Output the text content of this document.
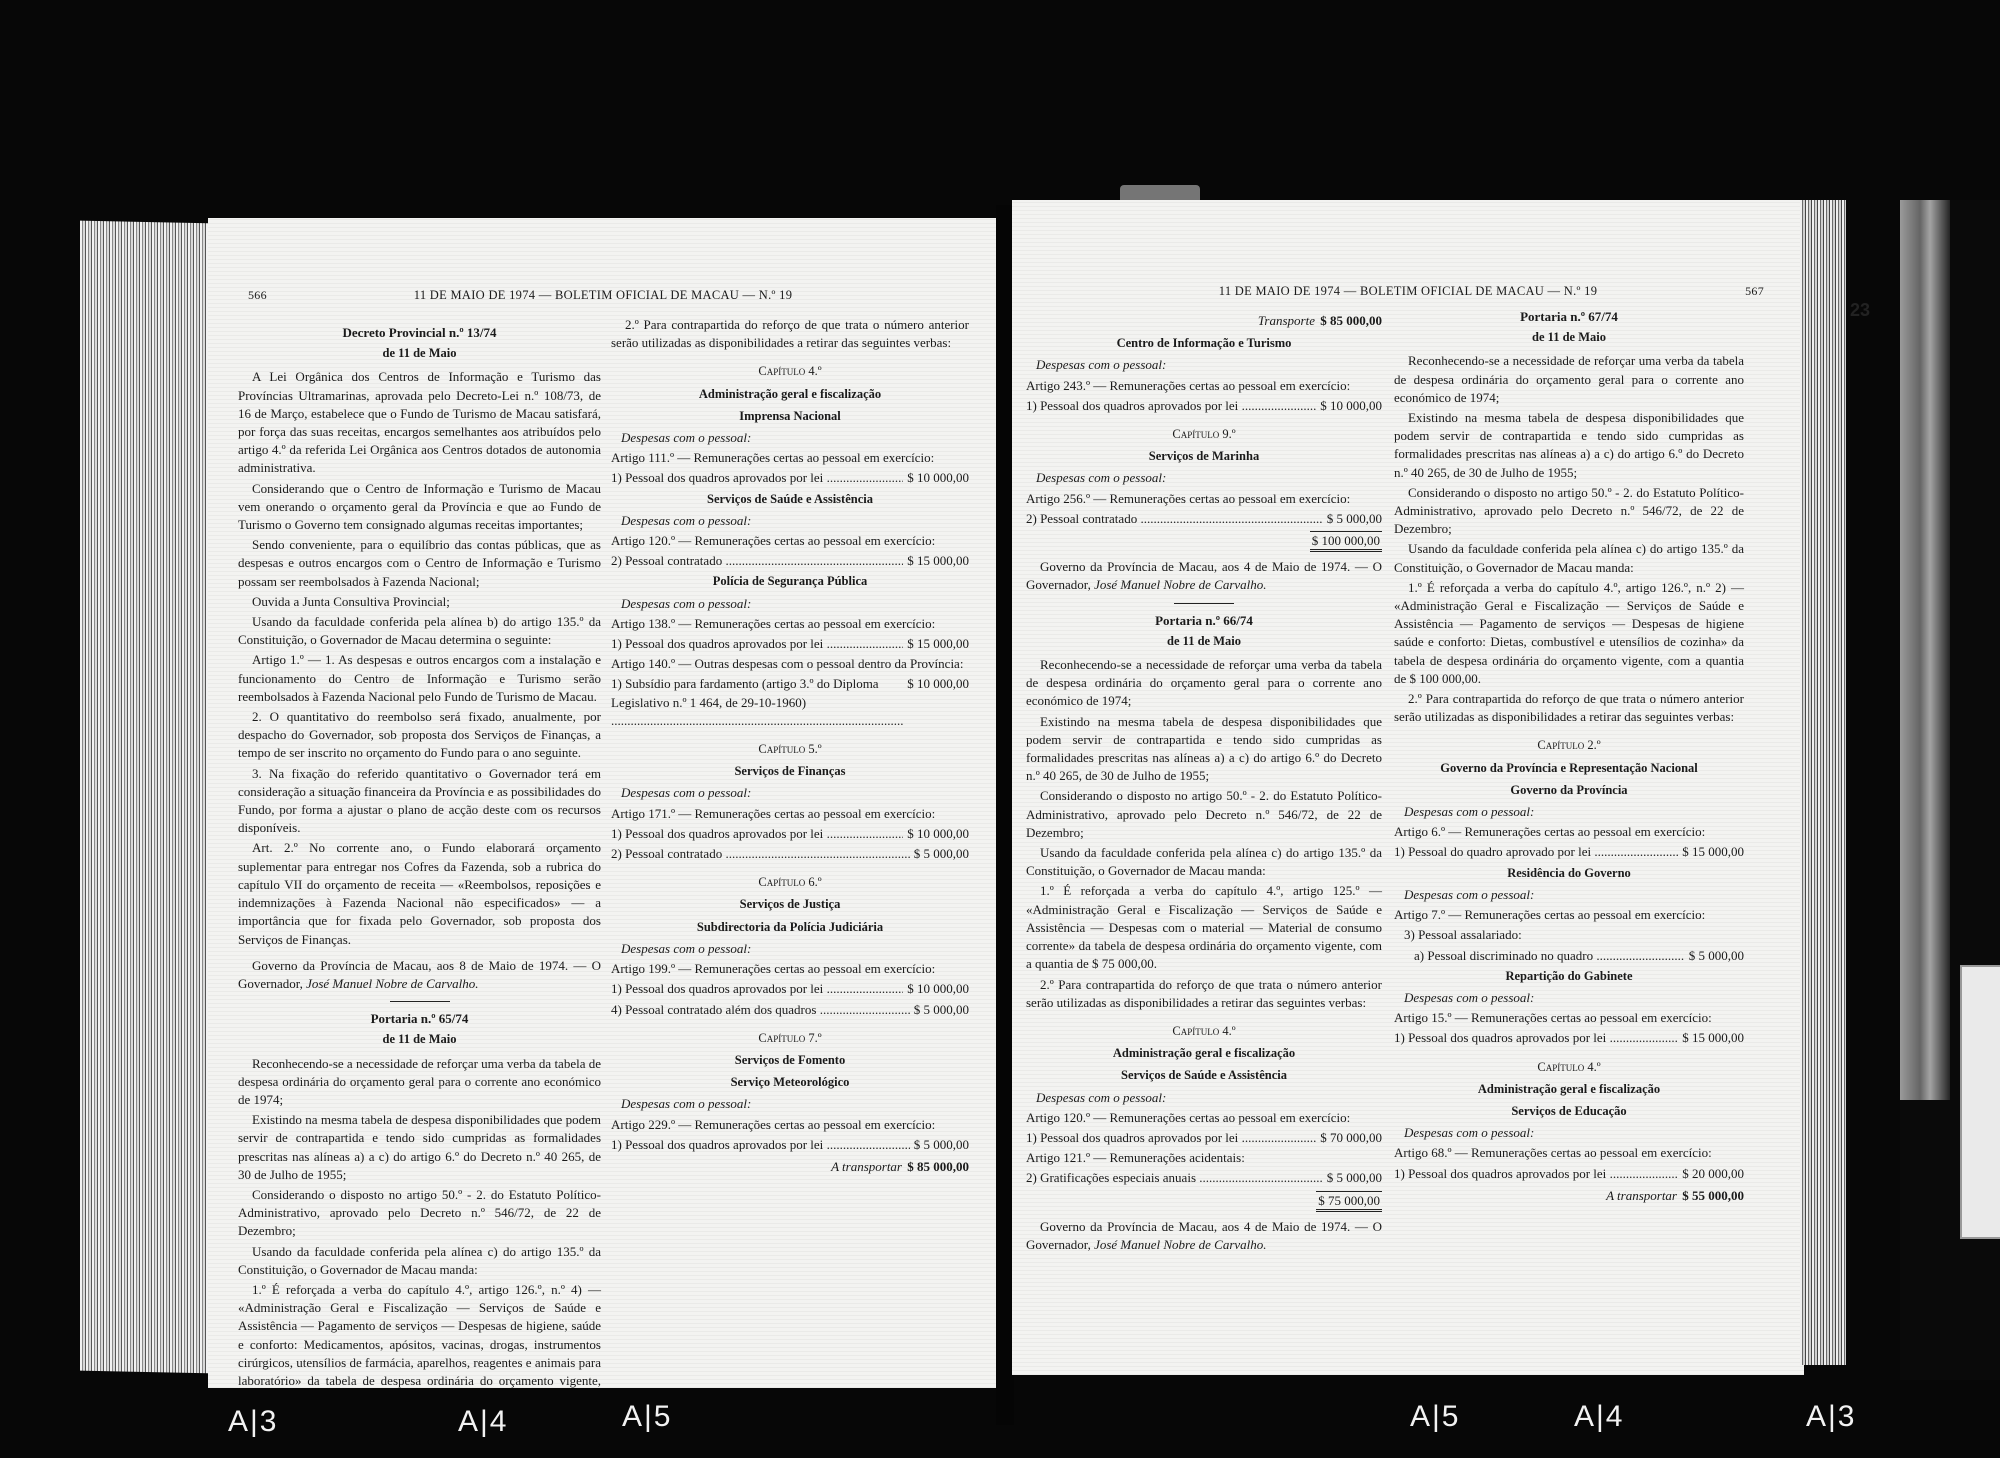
566	11 DE MAIO DE 1974 — BOLETIM OFICIAL DE MACAU — N.º 19

Decreto Provincial n.º 13/74

de 11 de Maio

A Lei Orgânica dos Centros de Informação e Turismo das Províncias Ultramarinas, aprovada pelo Decreto-Lei n.º 108/73, de 16 de Março, estabelece que o Fundo de Turismo de Macau satisfará, por força das suas receitas, encargos semelhantes aos atribuídos pelo artigo 4.º da referida Lei Orgânica aos Centros dotados de autonomia administrativa.

Considerando que o Centro de Informação e Turismo de Macau vem onerando o orçamento geral da Província e que ao Fundo de Turismo o Governo tem consignado algumas receitas importantes;

Sendo conveniente, para o equilíbrio das contas públicas, que as despesas e outros encargos com o Centro de Informação e Turismo possam ser reembolsados à Fazenda Nacional;

Ouvida a Junta Consultiva Provincial;

Usando da faculdade conferida pela alínea b) do artigo 135.º da Constituição, o Governador de Macau determina o seguinte:

Artigo 1.º — 1. As despesas e outros encargos com a instalação e funcionamento do Centro de Informação e Turismo serão reembolsados à Fazenda Nacional pelo Fundo de Turismo de Macau.

2. O quantitativo do reembolso será fixado, anualmente, por despacho do Governador, sob proposta dos Serviços de Finanças, a tempo de ser inscrito no orçamento do Fundo para o ano seguinte.

3. Na fixação do referido quantitativo o Governador terá em consideração a situação financeira da Província e as possibilidades do Fundo, por forma a ajustar o plano de acção deste com os recursos disponíveis.

Art. 2.º No corrente ano, o Fundo elaborará orçamento suplementar para entregar nos Cofres da Fazenda, sob a rubrica do capítulo VII do orçamento de receita — «Reembolsos, reposições e indemnizações à Fazenda Nacional não especificados» — a importância que for fixada pelo Governador, sob proposta dos Serviços de Finanças.

Governo da Província de Macau, aos 8 de Maio de 1974. — O Governador, José Manuel Nobre de Carvalho.

Portaria n.º 65/74

de 11 de Maio

Reconhecendo-se a necessidade de reforçar uma verba da tabela de despesa ordinária do orçamento geral para o corrente ano económico de 1974;

Existindo na mesma tabela de despesa disponibilidades que podem servir de contrapartida e tendo sido cumpridas as formalidades prescritas nas alíneas a) a c) do artigo 6.º do Decreto n.º 40 265, de 30 de Julho de 1955;

Considerando o disposto no artigo 50.º - 2. do Estatuto Político-Administrativo, aprovado pelo Decreto n.º 546/72, de 22 de Dezembro;

Usando da faculdade conferida pela alínea c) do artigo 135.º da Constituição, o Governador de Macau manda:

1.º É reforçada a verba do capítulo 4.º, artigo 126.º, n.º 4) — «Administração Geral e Fiscalização — Serviços de Saúde e Assistência — Pagamento de serviços — Despesas de higiene, saúde e conforto: Medicamentos, apósitos, vacinas, drogas, instrumentos cirúrgicos, utensílios de farmácia, aparelhos, reagentes e animais para laboratório» da tabela de despesa ordinária do orçamento vigente,

2.º Para contrapartida do reforço de que trata o número anterior serão utilizadas as disponibilidades a retirar das seguintes verbas:

Capítulo 4.º

Administração geral e fiscalização

Imprensa Nacional

Despesas com o pessoal:

Artigo 111.º — Remunerações certas ao pessoal em exercício:

1) Pessoal dos quadros aprovados por lei .....	$ 10 000,00

Serviços de Saúde e Assistência

Despesas com o pessoal:

Artigo 120.º — Remunerações certas ao pessoal em exercício:

2) Pessoal contratado .....	$ 15 000,00

Polícia de Segurança Pública

Despesas com o pessoal:

Artigo 138.º — Remunerações certas ao pessoal em exercício:

1) Pessoal dos quadros aprovados por lei .....	$ 15 000,00

Artigo 140.º — Outras despesas com o pessoal dentro da Província:

1) Subsídio para fardamento (artigo 3.º do Diploma Legislativo n.º 1 464, de 29-10-1960) .....
$ 10 000,00

Capítulo 5.º

Serviços de Finanças

Despesas com o pessoal:

Artigo 171.º — Remunerações certas ao pessoal em exercício:

1) Pessoal dos quadros aprovados por lei .....	$ 10 000,00
2) Pessoal contratado .....	$ 5 000,00

Capítulo 6.º

Serviços de Justiça

Subdirectoria da Polícia Judiciária

Despesas com o pessoal:

Artigo 199.º — Remunerações certas ao pessoal em exercício:

1) Pessoal dos quadros aprovados por lei .....	$ 10 000,00
4) Pessoal contratado além dos quadros .....	$ 5 000,00

Capítulo 7.º

Serviços de Fomento

Serviço Meteorológico

Despesas com o pessoal:

Artigo 229.º — Remunerações certas ao pessoal em exercício:

1) Pessoal dos quadros aprovados por lei .....	$ 5 000,00

A transportar $ 85 000,00

11 DE MAIO DE 1974 — BOLETIM OFICIAL DE MACAU — N.º 19	567

Transporte $ 85 000,00

Centro de Informação e Turismo

Despesas com o pessoal:

Artigo 243.º — Remunerações certas ao pessoal em exercício:

1) Pessoal dos quadros aprovados por lei .....	$ 10 000,00

Capítulo 9.º

Serviços de Marinha

Despesas com o pessoal:

Artigo 256.º — Remunerações certas ao pessoal em exercício:

2) Pessoal contratado .....	$ 5 000,00

$ 100 000,00

Governo da Província de Macau, aos 4 de Maio de 1974. — O Governador, José Manuel Nobre de Carvalho.

Portaria n.º 66/74

de 11 de Maio

Reconhecendo-se a necessidade de reforçar uma verba da tabela de despesa ordinária do orçamento geral para o corrente ano económico de 1974;

Existindo na mesma tabela de despesa disponibilidades que podem servir de contrapartida e tendo sido cumpridas as formalidades prescritas nas alíneas a) a c) do artigo 6.º do Decreto n.º 40 265, de 30 de Julho de 1955;

Considerando o disposto no artigo 50.º - 2. do Estatuto Político-Administrativo, aprovado pelo Decreto n.º 546/72, de 22 de Dezembro;

Usando da faculdade conferida pela alínea c) do artigo 135.º da Constituição, o Governador de Macau manda:

1.º É reforçada a verba do capítulo 4.º, artigo 125.º — «Administração Geral e Fiscalização — Serviços de Saúde e Assistência — Despesas com o material — Material de consumo corrente» da tabela de despesa ordinária do orçamento vigente, com a quantia de $ 75 000,00.

2.º Para contrapartida do reforço de que trata o número anterior serão utilizadas as disponibilidades a retirar das seguintes verbas:

Capítulo 4.º

Administração geral e fiscalização

Serviços de Saúde e Assistência

Despesas com o pessoal:

Artigo 120.º — Remunerações certas ao pessoal em exercício:

1) Pessoal dos quadros aprovados por lei .....	$ 70 000,00

Artigo 121.º — Remunerações acidentais:

2) Gratificações especiais anuais .....	$ 5 000,00

$ 75 000,00

Governo da Província de Macau, aos 4 de Maio de 1974. — O Governador, José Manuel Nobre de Carvalho.

Portaria n.º 67/74

de 11 de Maio

Reconhecendo-se a necessidade de reforçar uma verba da tabela de despesa ordinária do orçamento geral para o corrente ano económico de 1974;

Existindo na mesma tabela de despesa disponibilidades que podem servir de contrapartida e tendo sido cumpridas as formalidades prescritas nas alíneas a) a c) do artigo 6.º do Decreto n.º 40 265, de 30 de Julho de 1955;

Considerando o disposto no artigo 50.º - 2. do Estatuto Político-Administrativo, aprovado pelo Decreto n.º 546/72, de 22 de Dezembro;

Usando da faculdade conferida pela alínea c) do artigo 135.º da Constituição, o Governador de Macau manda:

1.º É reforçada a verba do capítulo 4.º, artigo 126.º, n.º 2) — «Administração Geral e Fiscalização — Serviços de Saúde e Assistência — Pagamento de serviços — Despesas de higiene saúde e conforto: Dietas, combustível e utensílios de cozinha» da tabela de despesa ordinária do orçamento vigente, com a quantia de $ 100 000,00.

2.º Para contrapartida do reforço de que trata o número anterior serão utilizadas as disponibilidades a retirar das seguintes verbas:

Capítulo 2.º

Governo da Província e Representação Nacional

Governo da Província

Despesas com o pessoal:

Artigo 6.º — Remunerações certas ao pessoal em exercício:

1) Pessoal do quadro aprovado por lei .....	$ 15 000,00

Residência do Governo

Despesas com o pessoal:

Artigo 7.º — Remunerações certas ao pessoal em exercício:

3) Pessoal assalariado:

a) Pessoal discriminado no quadro .....	$ 5 000,00

Repartição do Gabinete

Despesas com o pessoal:

Artigo 15.º — Remunerações certas ao pessoal em exercício:

1) Pessoal dos quadros aprovados por lei .....	$ 15 000,00

Capítulo 4.º

Administração geral e fiscalização

Serviços de Educação

Despesas com o pessoal:

Artigo 68.º — Remunerações certas ao pessoal em exercício:

1) Pessoal dos quadros aprovados por lei .....	$ 20 000,00

A transportar $ 55 000,00

23
A|3	A|4	A|5	A|5	A|4	A|3
